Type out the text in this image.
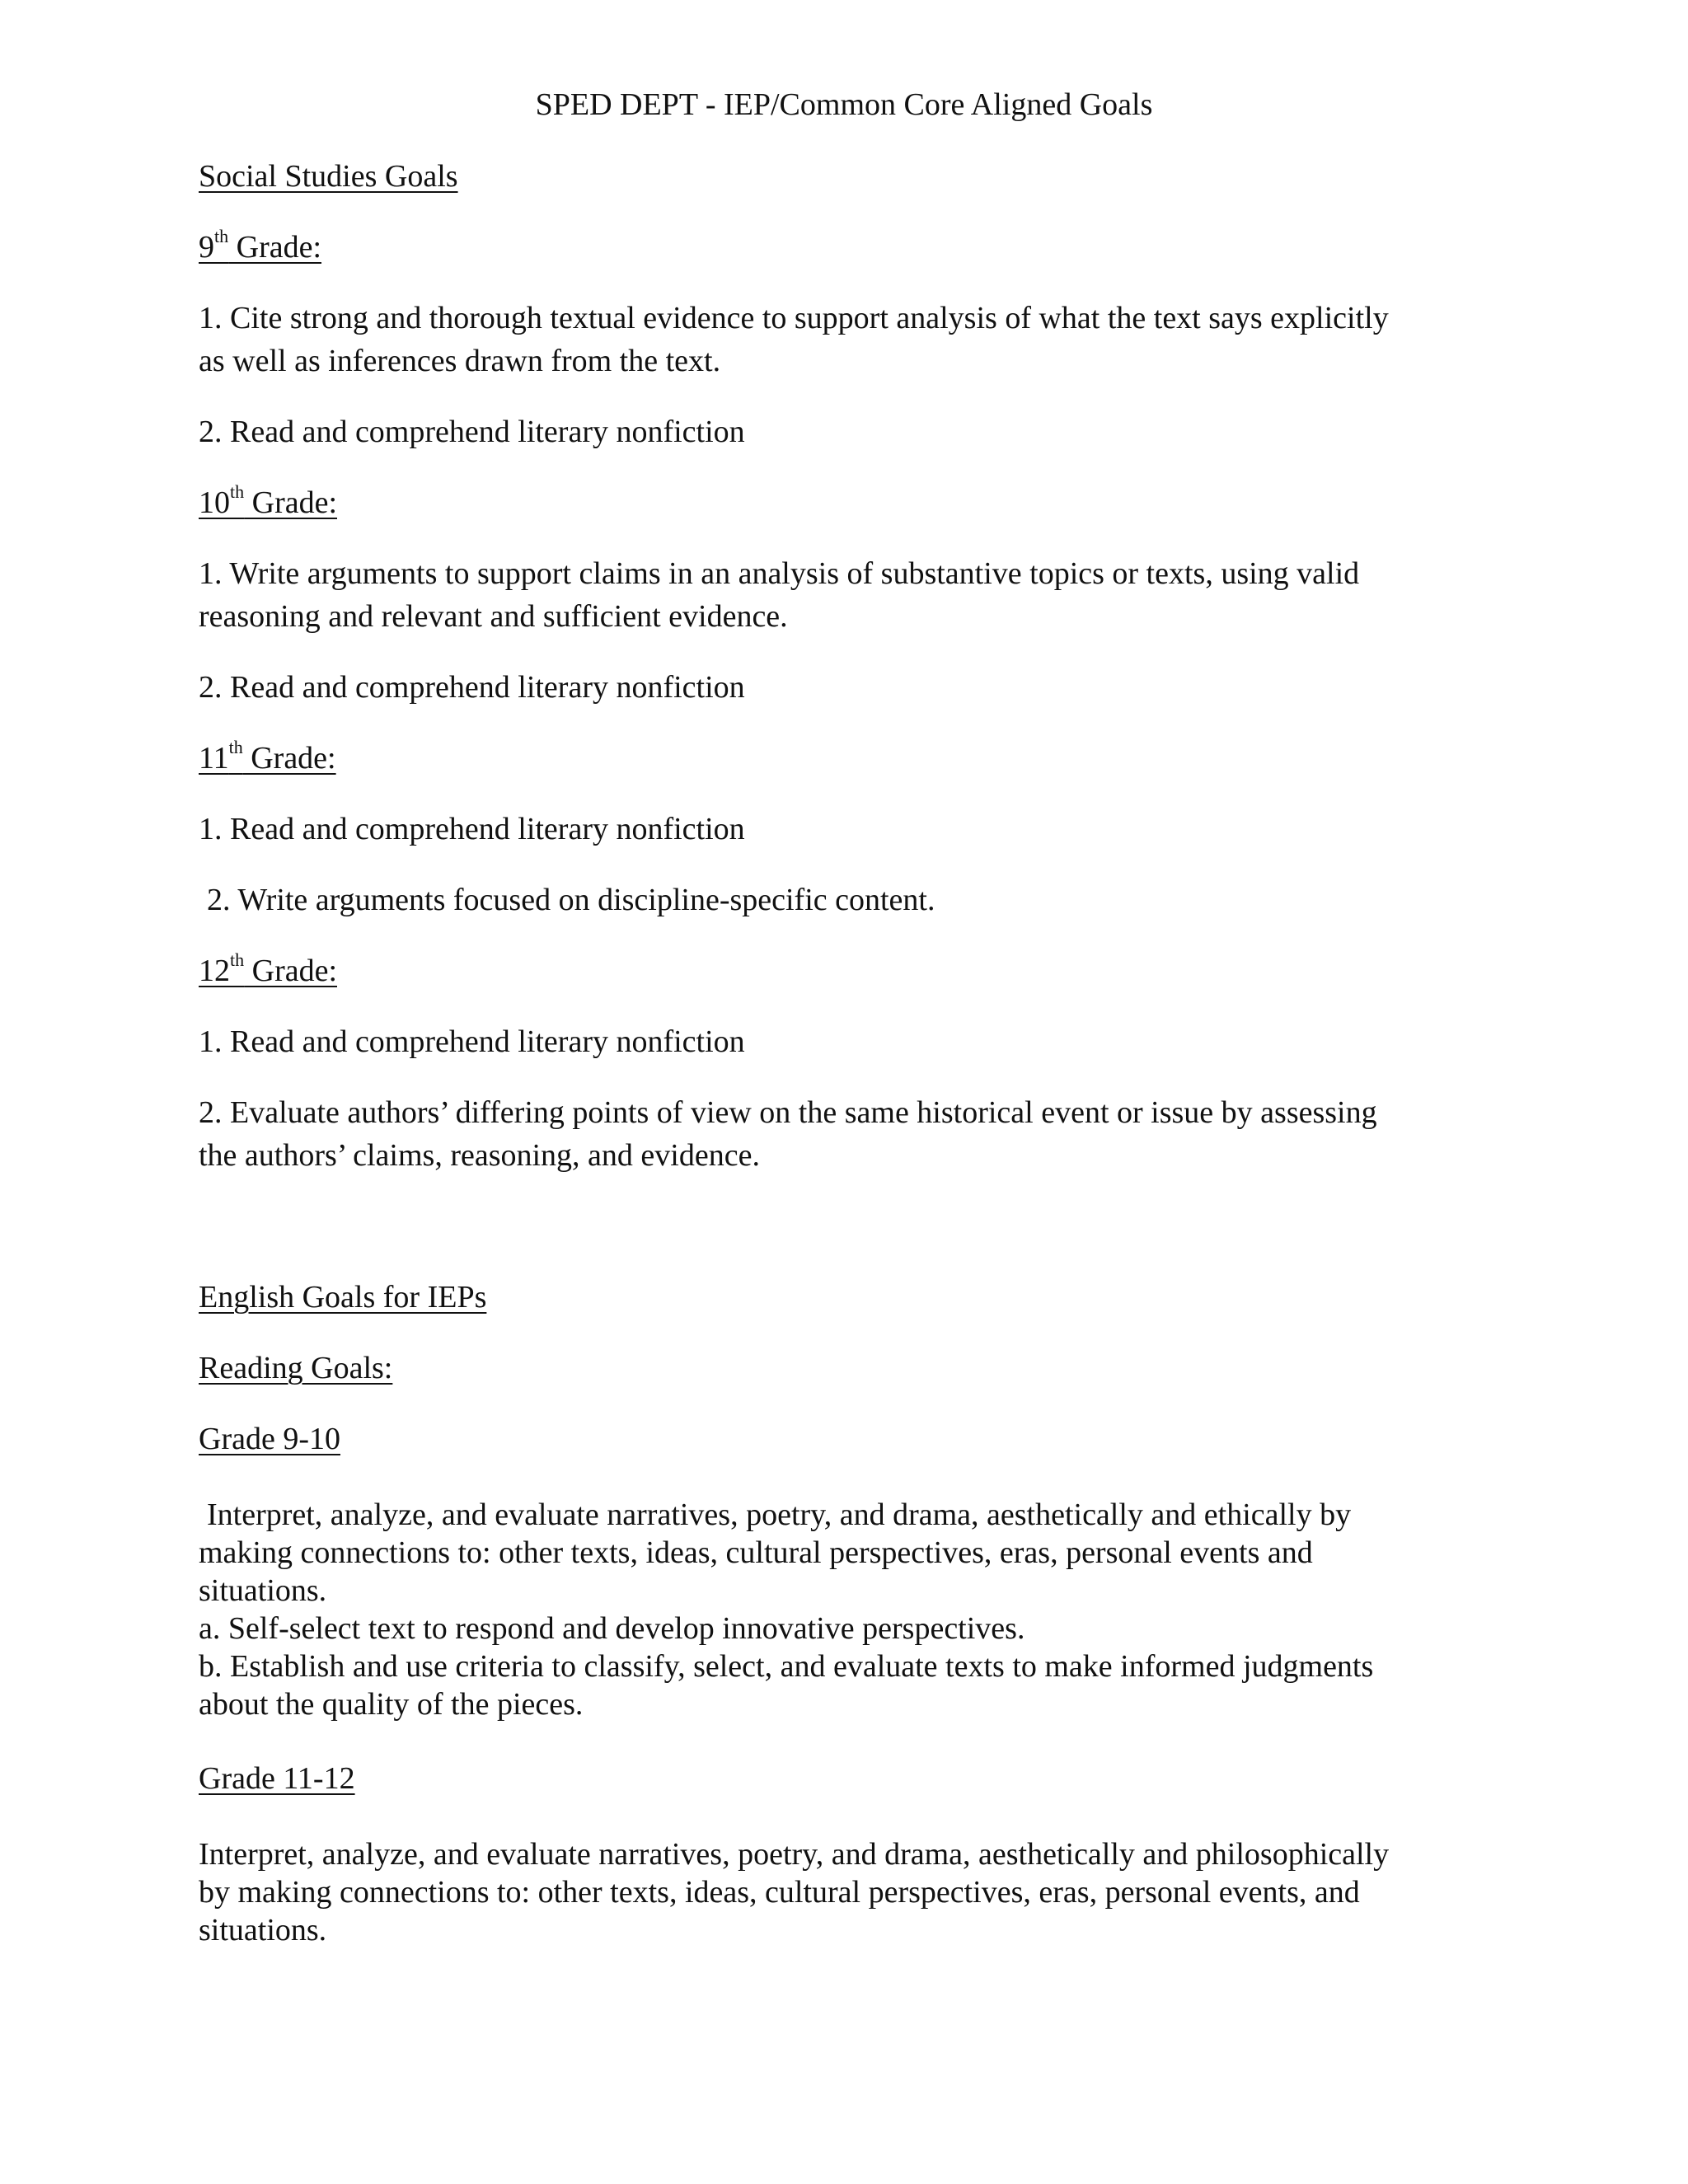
SPED DEPT - IEP/Common Core Aligned Goals
Social Studies Goals
9th Grade:
1. Cite strong and thorough textual evidence to support analysis of what the text says explicitly
as well as inferences drawn from the text.
2. Read and comprehend literary nonfiction
10th Grade:
1. Write arguments to support claims in an analysis of substantive topics or texts, using valid
reasoning and relevant and sufficient evidence.
2. Read and comprehend literary nonfiction
11th Grade:
1. Read and comprehend literary nonfiction
2. Write arguments focused on discipline-specific content.
12th Grade:
1. Read and comprehend literary nonfiction
2. Evaluate authors’ differing points of view on the same historical event or issue by assessing
the authors’ claims, reasoning, and evidence.
English Goals for IEPs
Reading Goals:
Grade 9-10
Interpret, analyze, and evaluate narratives, poetry, and drama, aesthetically and ethically by
making connections to: other texts, ideas, cultural perspectives, eras, personal events and
situations.
a. Self-select text to respond and develop innovative perspectives.
b. Establish and use criteria to classify, select, and evaluate texts to make informed judgments
about the quality of the pieces.
Grade 11-12
Interpret, analyze, and evaluate narratives, poetry, and drama, aesthetically and philosophically
by making connections to: other texts, ideas, cultural perspectives, eras, personal events, and
situations.
